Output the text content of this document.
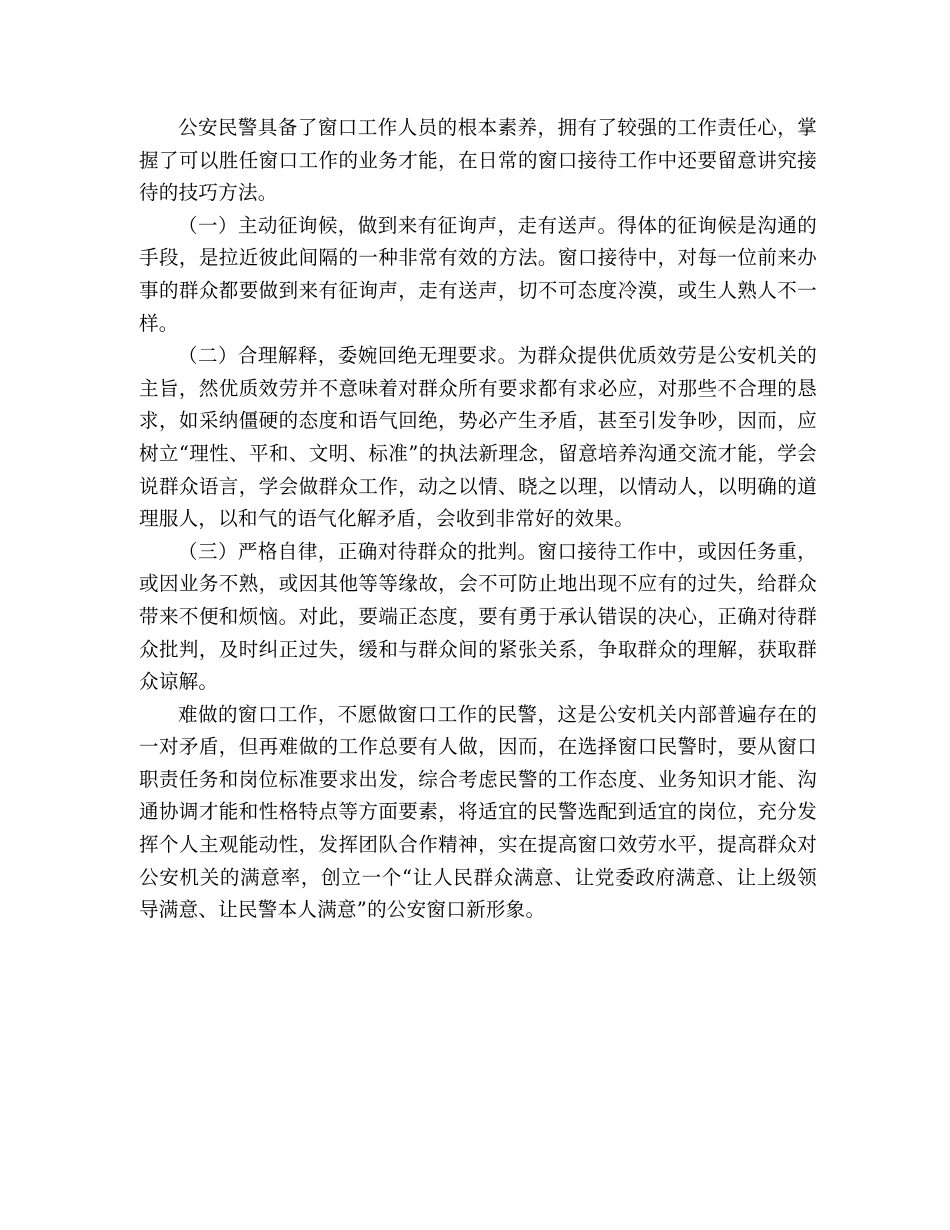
公安民警具备了窗口工作人员的根本素养，拥有了较强的工作责任心，掌握了可以胜任窗口工作的业务才能，在日常的窗口接待工作中还要留意讲究接待的技巧方法。

（一）主动征询候，做到来有征询声，走有送声。得体的征询候是沟通的手段，是拉近彼此间隔的一种非常有效的方法。窗口接待中，对每一位前来办事的群众都要做到来有征询声，走有送声，切不可态度冷漠，或生人熟人不一样。

（二）合理解释，委婉回绝无理要求。为群众提供优质效劳是公安机关的主旨，然优质效劳并不意味着对群众所有要求都有求必应，对那些不合理的恳求，如采纳僵硬的态度和语气回绝，势必产生矛盾，甚至引发争吵，因而，应树立“理性、平和、文明、标准”的执法新理念，留意培养沟通交流才能，学会说群众语言，学会做群众工作，动之以情、晓之以理，以情动人，以明确的道理服人，以和气的语气化解矛盾，会收到非常好的效果。

（三）严格自律，正确对待群众的批判。窗口接待工作中，或因任务重，或因业务不熟，或因其他等等缘故，会不可防止地出现不应有的过失，给群众带来不便和烦恼。对此，要端正态度，要有勇于承认错误的决心，正确对待群众批判，及时纠正过失，缓和与群众间的紧张关系，争取群众的理解，获取群众谅解。

难做的窗口工作，不愿做窗口工作的民警，这是公安机关内部普遍存在的一对矛盾，但再难做的工作总要有人做，因而，在选择窗口民警时，要从窗口职责任务和岗位标准要求出发，综合考虑民警的工作态度、业务知识才能、沟通协调才能和性格特点等方面要素，将适宜的民警选配到适宜的岗位，充分发挥个人主观能动性，发挥团队合作精神，实在提高窗口效劳水平，提高群众对公安机关的满意率，创立一个“让人民群众满意、让党委政府满意、让上级领导满意、让民警本人满意”的公安窗口新形象。
